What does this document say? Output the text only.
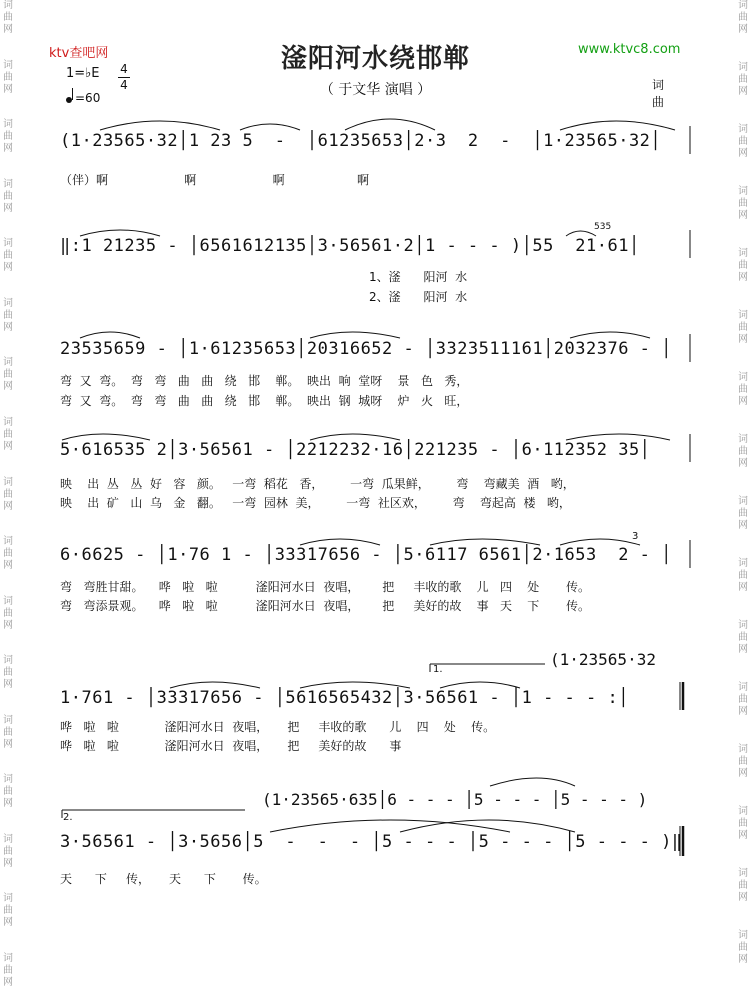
词
曲
网
词
曲
网
词
曲
网
词
曲
网
词
曲
网
词
曲
网
词
曲
网
词
曲
网
词
曲
网
词
曲
网
词
曲
网
词
曲
网
词
曲
网
词
曲
网
词
曲
网
词
曲
网
词
曲
网
词
曲
网
词
曲
网
词
曲
网
词
曲
网
词
曲
网
词
曲
网
词
曲
网
词
曲
网
词
曲
网
词
曲
网
词
曲
网
词
曲
网
词
曲
网
词
曲
网
词
曲
网
词
曲
网
ktv查吧网	www.ktvc8.com
滏阳河水绕邯郸
（ 于文华 演唱 ）	词
曲
1=♭E 4
4
=60
(1·23565·32│1 23 5  -  │61235653│2·3  2  -  │1·23565·32│
（伴）啊                    啊                    啊                   啊
‖:1 21235 - │6561612135│3·56561·2│1 - - - )│55  21·61│
535
1、滏      阳河  水
2、滏      阳河  水
23535659 - │1·61235653│20316652 - │3323511161│2032376 - │
弯  又  弯。  弯   弯   曲   曲   绕   邯    郸。  映出  响  堂呀    景   色   秀，
弯  又  弯。  弯   弯   曲   曲   绕   邯    郸。  映出  钢  城呀    炉   火   旺，
5·616535 2│3·56561 - │2212232·16│221235 - │6·112352 35│
映    出  丛   丛  好   容   颜。   一弯  稻花   香，       一弯  瓜果鲜，       弯    弯藏美  酒   哟，
映    出  矿   山  乌   金   翻。   一弯  园林  美，       一弯  社区欢，       弯    弯起高  楼   哟，
6·6625 - │1·76 1 - │33317656 - │5·6117 6561│2·1653  2 - │
3
弯   弯胜甘甜。    哗   啦   啦          滏阳河水日  夜唱，      把     丰收的歌    儿   四    处       传。
弯   弯添景观。    哗   啦   啦          滏阳河水日  夜唱，      把     美好的故    事   天    下       传。
(1·23565·32
1.
1·761 - │33317656 - │5616565432│3·56561 - │1 - - - :│
哗   啦   啦            滏阳河水日  夜唱，     把     丰收的歌      儿    四    处    传。
哗   啦   啦            滏阳河水日  夜唱，     把     美好的故      事
(1·23565·635│6 - - - │5 - - - │5 - - - )
2.
3·56561 - │3·5656│5  -  -  - │5 - - - │5 - - - │5 - - - )‖
天      下     传，     天      下       传。
